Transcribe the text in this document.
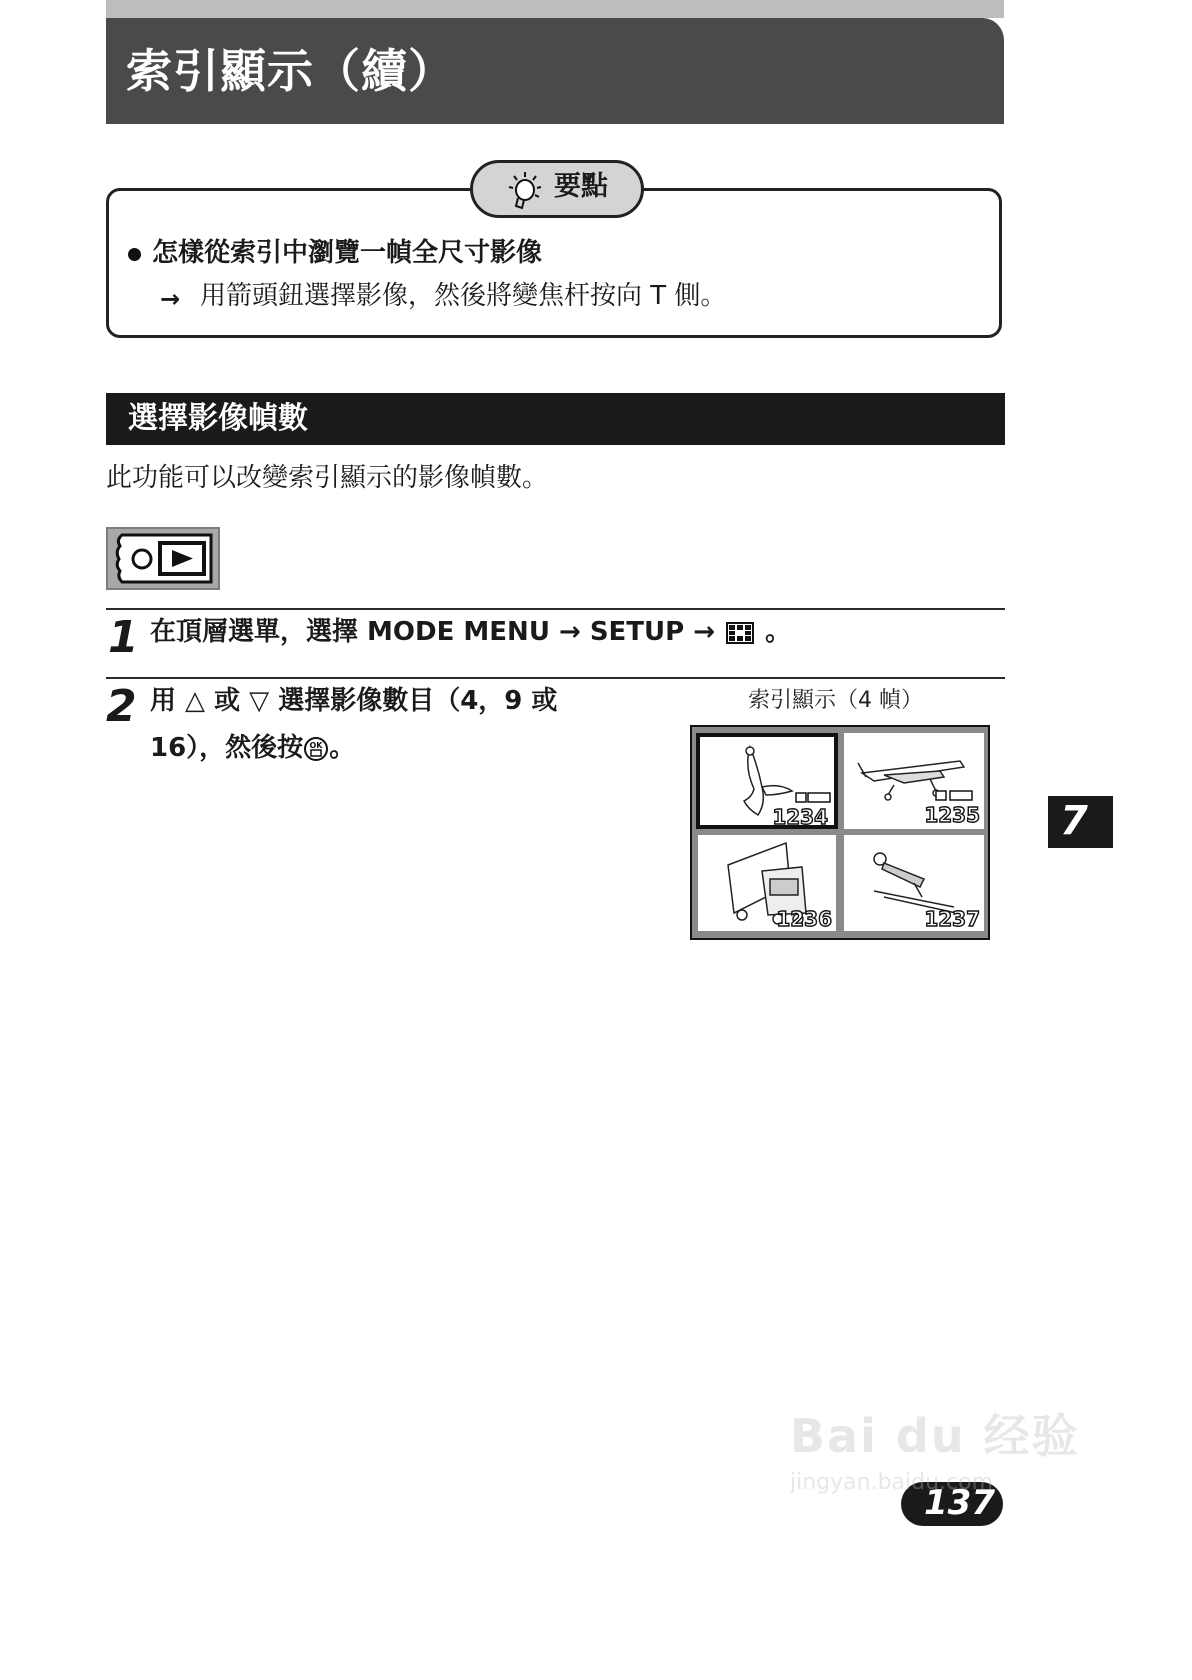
索引顯示（續）
要點
怎樣從索引中瀏覽一幀全尺寸影像
→ 用箭頭鈕選擇影像，然後將變焦杆按向 T 側。
選擇影像幀數
此功能可以改變索引顯示的影像幀數。
1 在頂層選單，選擇 MODE MENU → SETUP → 。
2 用 △ 或 ▽ 選擇影像數目（4，9 或
16），然後按 OK 。
索引顯示（4 幀）
1234	1235
1236	1237
7
137
Bai du 经验
jingyan.baidu.com
